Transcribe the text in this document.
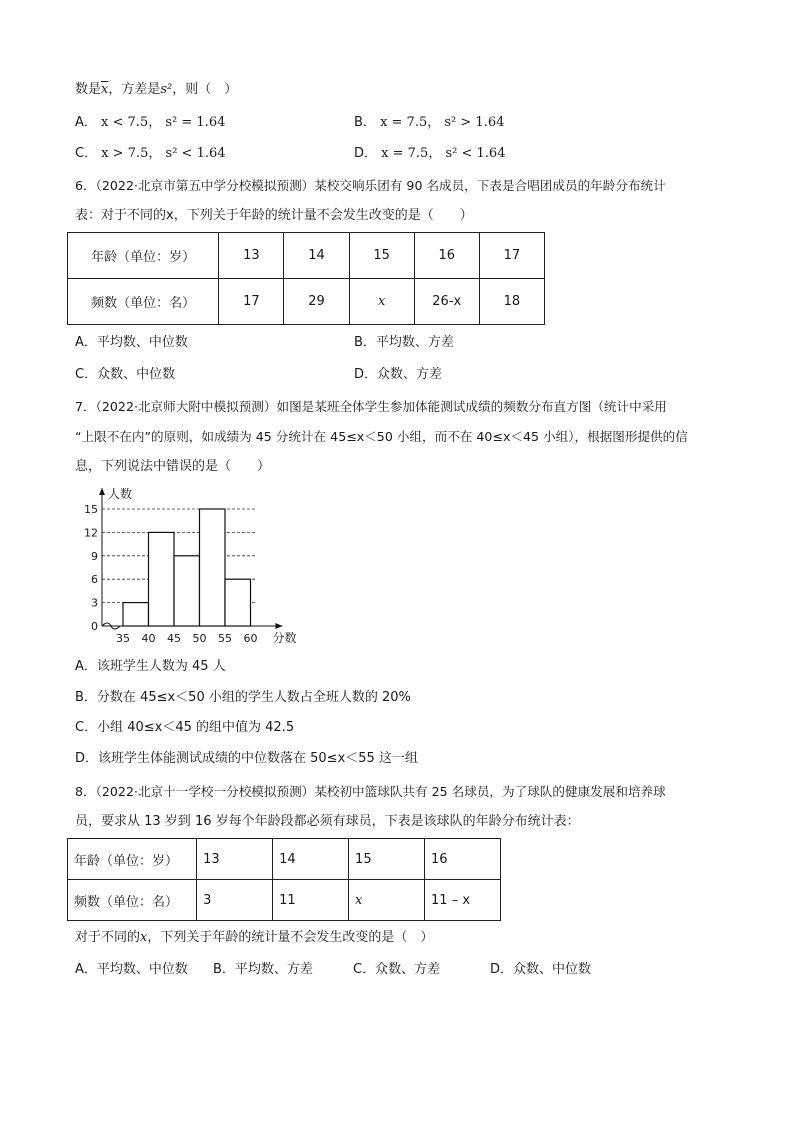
数是$\overline{x}$，方差是s²，则（　）
A． x < 7.5， s² = 1.64	B． x = 7.5， s² > 1.64
C． x > 7.5， s² < 1.64	D． x = 7.5， s² < 1.64
6．（2022·北京市第五中学分校模拟预测）某校交响乐团有 90 名成员，下表是合唱团成员的年龄分布统计
表：对于不同的x，下列关于年龄的统计量不会发生改变的是（　　）
年龄（单位：岁）	13	14	15	16	17
频数（单位：名）	17	29	x	26-x	18
A．平均数、中位数	B．平均数、方差
C．众数、中位数	D．众数、方差
7．（2022·北京师大附中模拟预测）如图是某班全体学生参加体能测试成绩的频数分布直方图（统计中采用
“上限不在内”的原则，如成绩为 45 分统计在 45≤x＜50 小组，而不在 40≤x＜45 小组），根据图形提供的信
息，下列说法中错误的是（　　）
0
3
6
9
12
15
35 40 45 50 55 60
人数
分数
A．该班学生人数为 45 人
B．分数在 45≤x＜50 小组的学生人数占全班人数的 20%
C．小组 40≤x＜45 的组中值为 42.5
D．该班学生体能测试成绩的中位数落在 50≤x＜55 这一组
8．（2022·北京十一学校一分校模拟预测）某校初中篮球队共有 25 名球员，为了球队的健康发展和培养球
员，要求从 13 岁到 16 岁每个年龄段都必须有球员，下表是该球队的年龄分布统计表：
年龄（单位：岁）	13	14	15	16
频数（单位：名）	3	11	x	11 – x
对于不同的x，下列关于年龄的统计量不会发生改变的是（　）
A．平均数、中位数 B．平均数、方差	C．众数、方差	D．众数、中位数
